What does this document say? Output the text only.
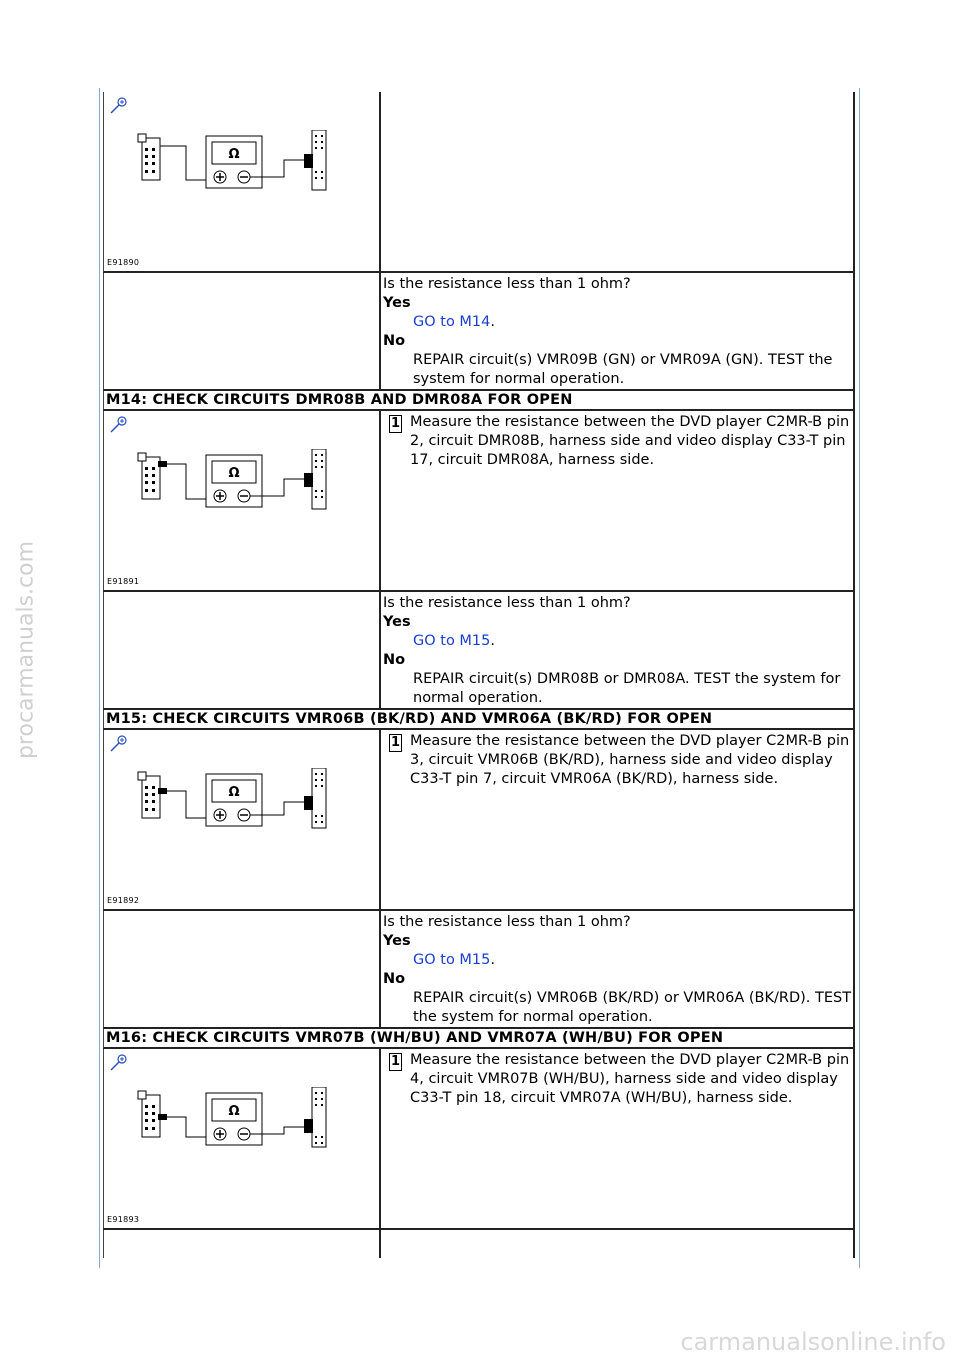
procarmanuals.com
carmanualsonline.info
Ω
E91890
Is the resistance less than 1 ohm?
Yes
GO to M14.
No
REPAIR circuit(s) VMR09B (GN) or VMR09A (GN). TEST the system for normal operation.
M14: CHECK CIRCUITS DMR08B AND DMR08A FOR OPEN
Ω
E91891
1 Measure the resistance between the DVD player C2MR-B pin 2, circuit DMR08B, harness side and video display C33-T pin 17, circuit DMR08A, harness side.
Is the resistance less than 1 ohm?
Yes
GO to M15.
No
REPAIR circuit(s) DMR08B or DMR08A. TEST the system for normal operation.
M15: CHECK CIRCUITS VMR06B (BK/RD) AND VMR06A (BK/RD) FOR OPEN
Ω
E91892
1 Measure the resistance between the DVD player C2MR-B pin 3, circuit VMR06B (BK/RD), harness side and video display C33-T pin 7, circuit VMR06A (BK/RD), harness side.
Is the resistance less than 1 ohm?
Yes
GO to M15.
No
REPAIR circuit(s) VMR06B (BK/RD) or VMR06A (BK/RD). TEST the system for normal operation.
M16: CHECK CIRCUITS VMR07B (WH/BU) AND VMR07A (WH/BU) FOR OPEN
Ω
E91893
1 Measure the resistance between the DVD player C2MR-B pin 4, circuit VMR07B (WH/BU), harness side and video display C33-T pin 18, circuit VMR07A (WH/BU), harness side.
